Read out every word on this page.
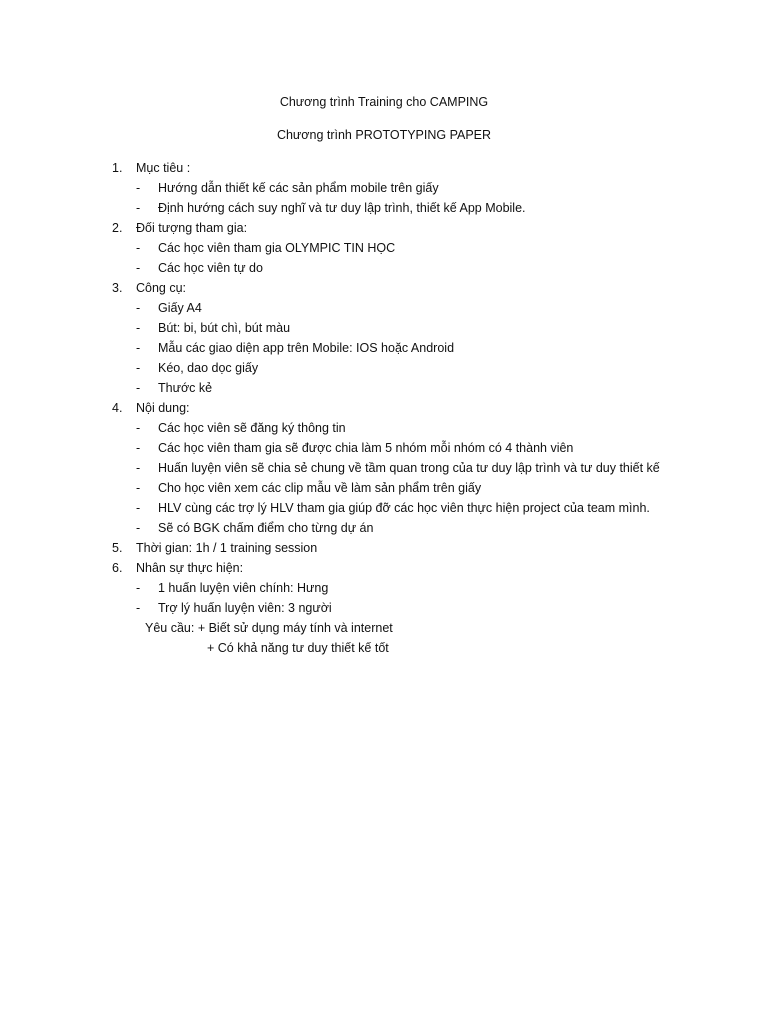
Chương trình Training cho CAMPING
Chương trình PROTOTYPING PAPER
1. Mục tiêu :
- Hướng dẫn thiết kế các sản phẩm mobile trên giấy
- Định hướng cách suy nghĩ và tư duy lập trình, thiết kế App Mobile.
2. Đối tượng tham gia:
- Các học viên tham gia OLYMPIC TIN HỌC
- Các học viên tự do
3. Công cụ:
- Giấy A4
- Bút: bi, bút chì, bút màu
- Mẫu các giao diện app trên Mobile: IOS hoặc Android
- Kéo, dao dọc giấy
- Thước kẻ
4. Nội dung:
- Các học viên sẽ đăng ký thông tin
- Các học viên tham gia sẽ được chia làm 5 nhóm mỗi nhóm có 4 thành viên
- Huấn luyện viên sẽ chia sẻ chung về tầm quan trong của tư duy lập trình và tư duy thiết kế
- Cho học viên xem các clip mẫu về làm sản phẩm trên giấy
- HLV cùng các trợ lý HLV tham gia giúp đỡ các học viên thực hiện project của team mình.
- Sẽ có BGK chấm điểm cho từng dự án
5. Thời gian: 1h / 1 training session
6. Nhân sự thực hiện:
- 1 huấn luyện viên chính: Hưng
- Trợ lý huấn luyện viên: 3 người
Yêu cầu: + Biết sử dụng máy tính và internet
+ Có khả năng tư duy thiết kế tốt
